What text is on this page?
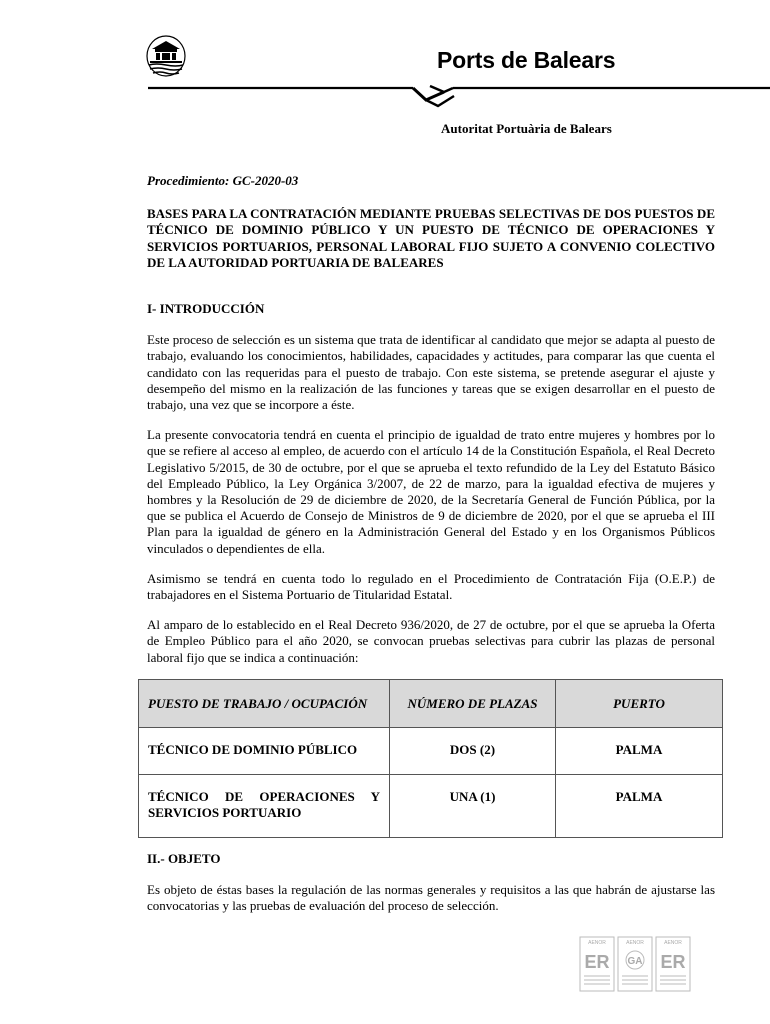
Ports de Balears
Autoritat Portuària de Balears

Procedimiento: GC-2020-03

BASES PARA LA CONTRATACIÓN MEDIANTE PRUEBAS SELECTIVAS DE DOS PUESTOS DE TÉCNICO DE DOMINIO PÚBLICO Y UN PUESTO DE TÉCNICO DE OPERACIONES Y SERVICIOS PORTUARIOS, PERSONAL LABORAL FIJO SUJETO A CONVENIO COLECTIVO DE LA AUTORIDAD PORTUARIA DE BALEARES

I- INTRODUCCIÓN

Este proceso de selección es un sistema que trata de identificar al candidato que mejor se adapta al puesto de trabajo, evaluando los conocimientos, habilidades, capacidades y actitudes, para comparar las que cuenta el candidato con las requeridas para el puesto de trabajo. Con este sistema, se pretende asegurar el ajuste y desempeño del mismo en la realización de las funciones y tareas que se exigen desarrollar en el puesto de trabajo, una vez que se incorpore a éste.

La presente convocatoria tendrá en cuenta el principio de igualdad de trato entre mujeres y hombres por lo que se refiere al acceso al empleo, de acuerdo con el artículo 14 de la Constitución Española, el Real Decreto Legislativo 5/2015, de 30 de octubre, por el que se aprueba el texto refundido de la Ley del Estatuto Básico del Empleado Público, la Ley Orgánica 3/2007, de 22 de marzo, para la igualdad efectiva de mujeres y hombres y la Resolución de 29 de diciembre de 2020, de la Secretaría General de Función Pública, por la que se publica el Acuerdo de Consejo de Ministros de 9 de diciembre de 2020, por el que se aprueba el III Plan para la igualdad de género en la Administración General del Estado y en los Organismos Públicos vinculados o dependientes de ella.

Asimismo se tendrá en cuenta todo lo regulado en el Procedimiento de Contratación Fija (O.E.P.) de trabajadores en el Sistema Portuario de Titularidad Estatal.

Al amparo de lo establecido en el Real Decreto 936/2020, de 27 de octubre, por el que se aprueba la Oferta de Empleo Público para el año 2020, se convocan pruebas selectivas para cubrir las plazas de personal laboral fijo que se indica a continuación:

PUESTO DE TRABAJO / OCUPACIÓN	NÚMERO DE PLAZAS	PUERTO
TÉCNICO DE DOMINIO PÚBLICO	DOS (2)	PALMA
TÉCNICO DE OPERACIONES Y SERVICIOS PORTUARIO	UNA (1)	PALMA

II.- OBJETO

Es objeto de éstas bases la regulación de las normas generales y requisitos a las que habrán de ajustarse las convocatorias y las pruebas de evaluación del proceso de selección.

AENOR
ER
AENOR
GA
AENOR
ER
